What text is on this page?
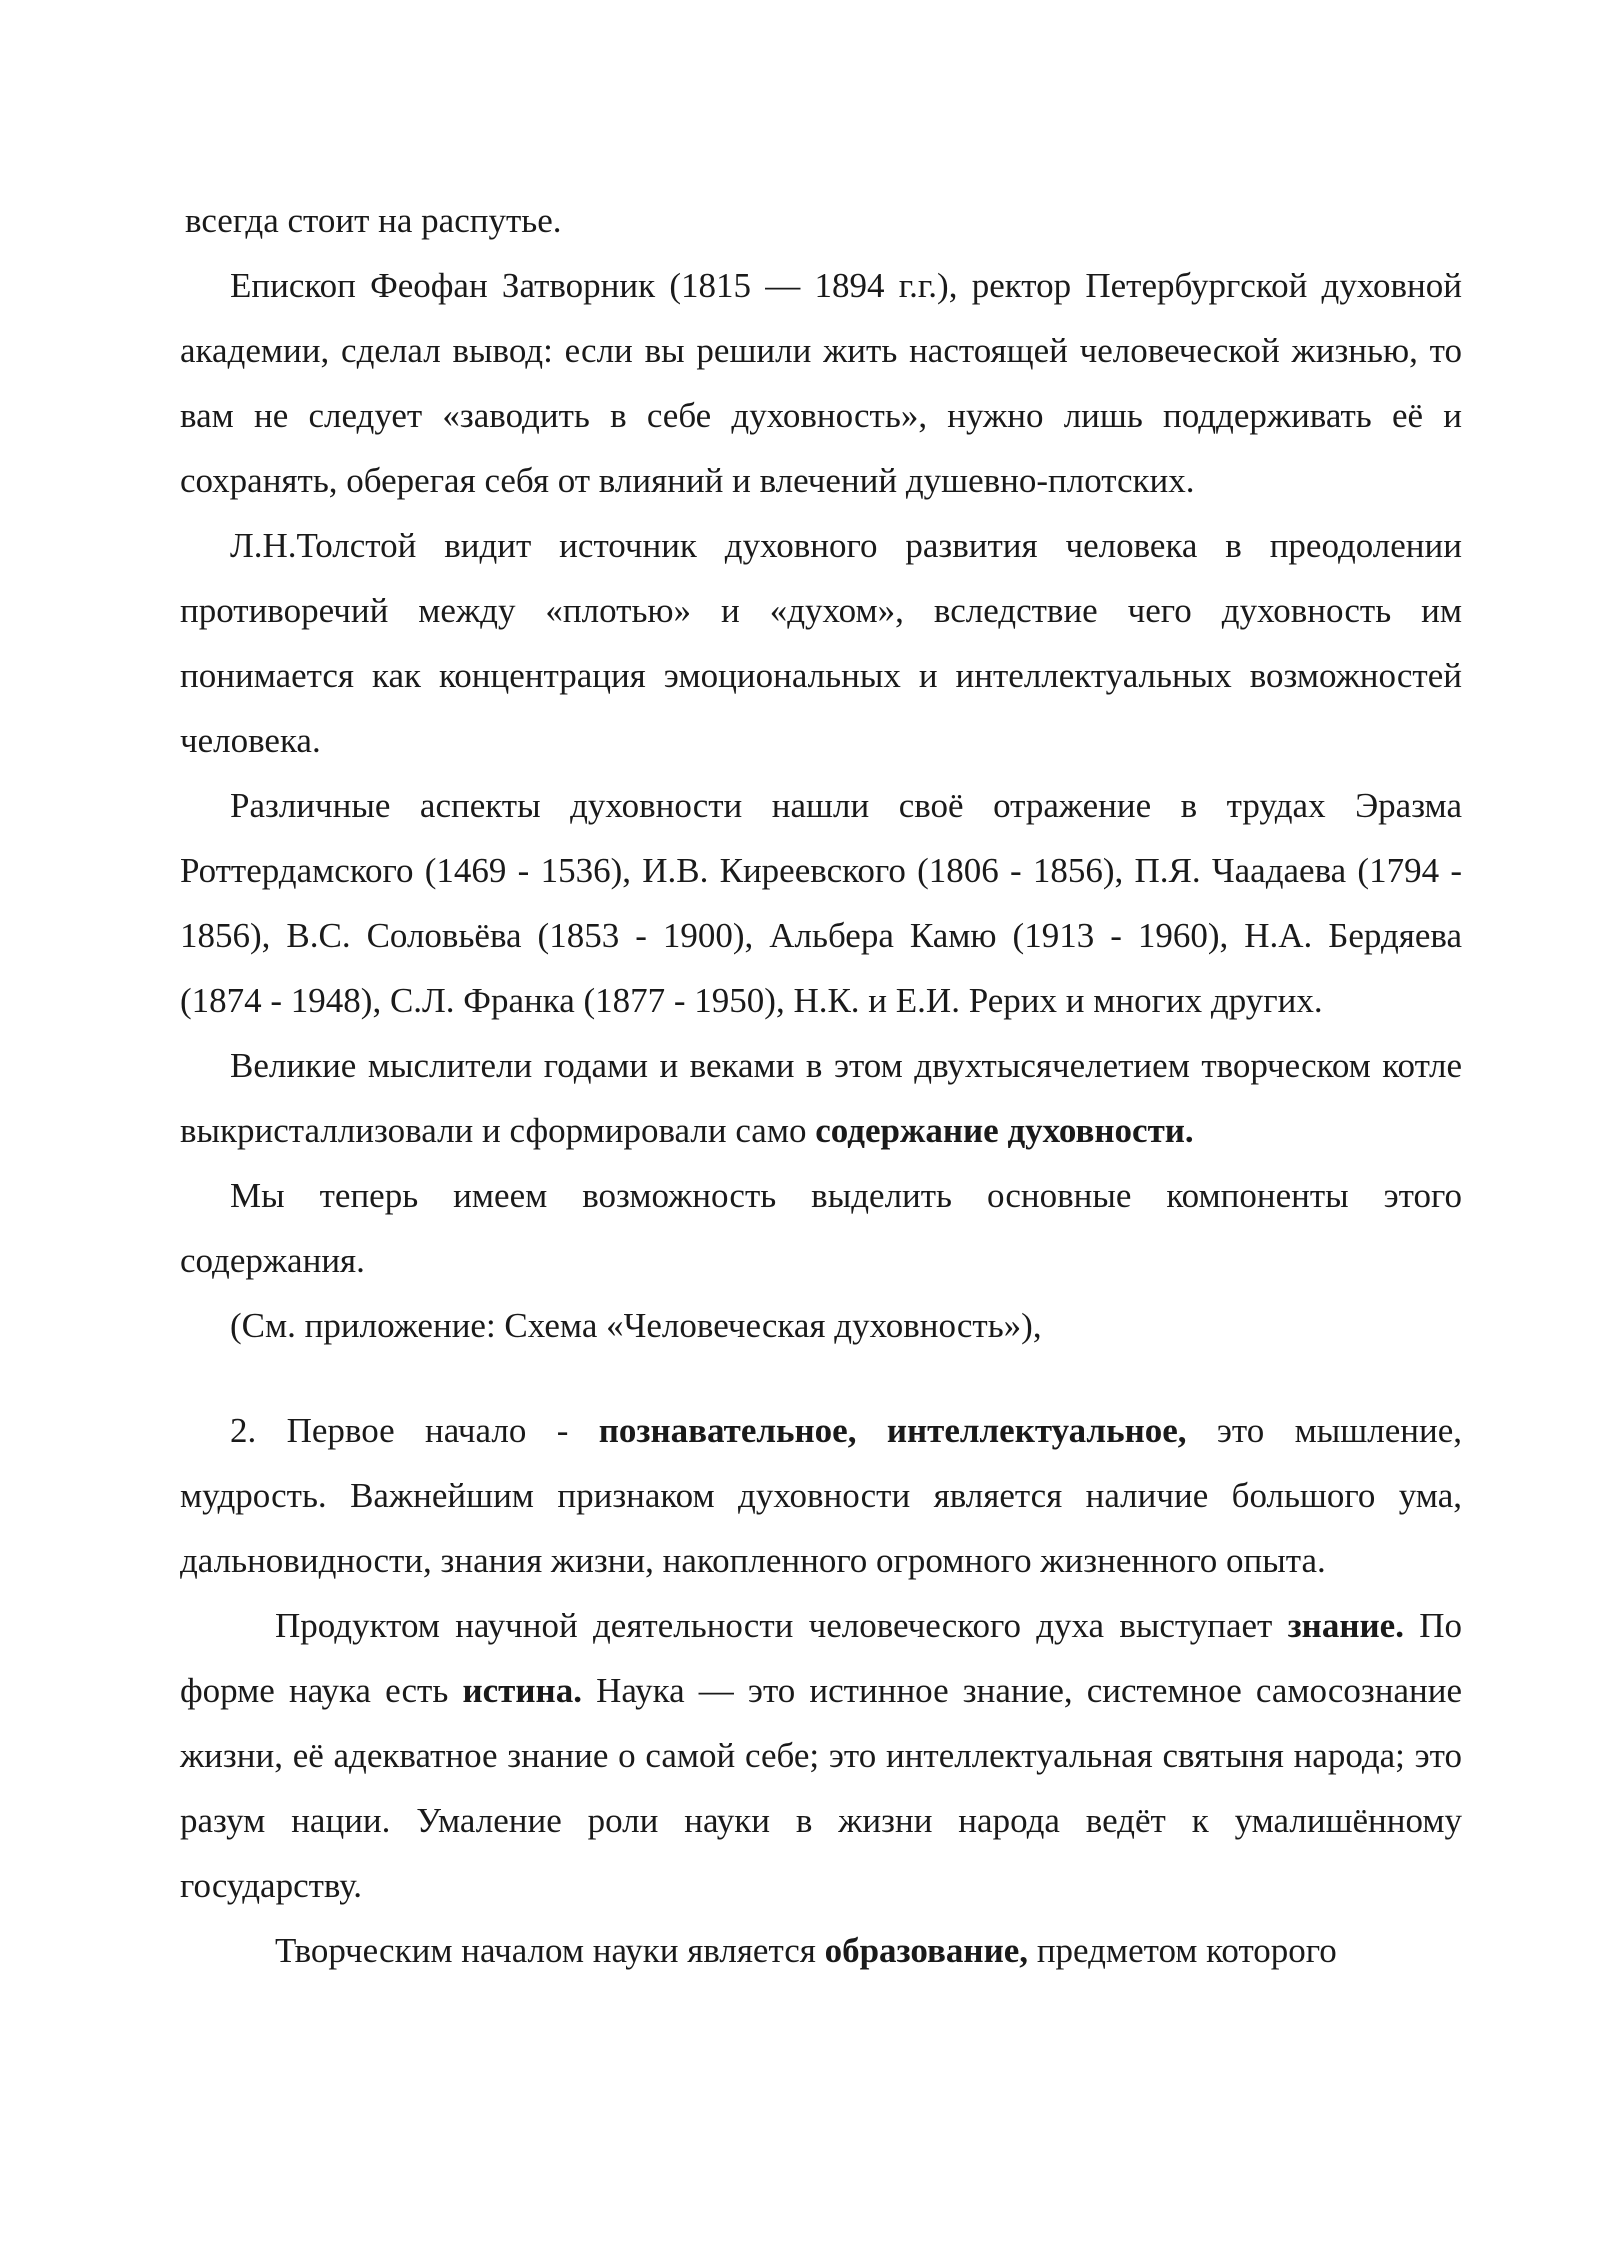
всегда стоит на распутье.

Епископ Феофан Затворник (1815 — 1894 г.г.), ректор Петербургской духовной академии, сделал вывод: если вы решили жить настоящей человеческой жизнью, то вам не следует «заводить в себе духовность», нужно лишь поддерживать её и сохранять, оберегая себя от влияний и влечений душевно-плотских.

Л.Н.Толстой видит источник духовного развития человека в преодолении противоречий между «плотью» и «духом», вследствие чего духовность им понимается как концентрация эмоциональных и интеллектуальных возможностей человека.

Различные аспекты духовности нашли своё отражение в трудах Эразма Роттердамского (1469 - 1536), И.В. Киреевского (1806 - 1856), П.Я. Чаадаева (1794 - 1856), В.С. Соловьёва (1853 - 1900), Альбера Камю (1913 - 1960), Н.А. Бердяева (1874 - 1948), С.Л. Франка (1877 - 1950), Н.К. и Е.И. Рерих и многих других.

Великие мыслители годами и веками в этом двухтысячелетием творческом котле выкристаллизовали и сформировали само содержание духовности.

Мы теперь имеем возможность выделить основные компоненты этого содержания.

(См. приложение: Схема «Человеческая духовность»),

2. Первое начало - познавательное, интеллектуальное, это мышление, мудрость. Важнейшим признаком духовности является наличие большого ума, дальновидности, знания жизни, накопленного огромного жизненного опыта.

Продуктом научной деятельности человеческого духа выступает знание. По форме наука есть истина. Наука — это истинное знание, системное самосознание жизни, её адекватное знание о самой себе; это интеллектуальная святыня народа; это разум нации. Умаление роли науки в жизни народа ведёт к умалишённому государству.

Творческим началом науки является образование, предметом которого
